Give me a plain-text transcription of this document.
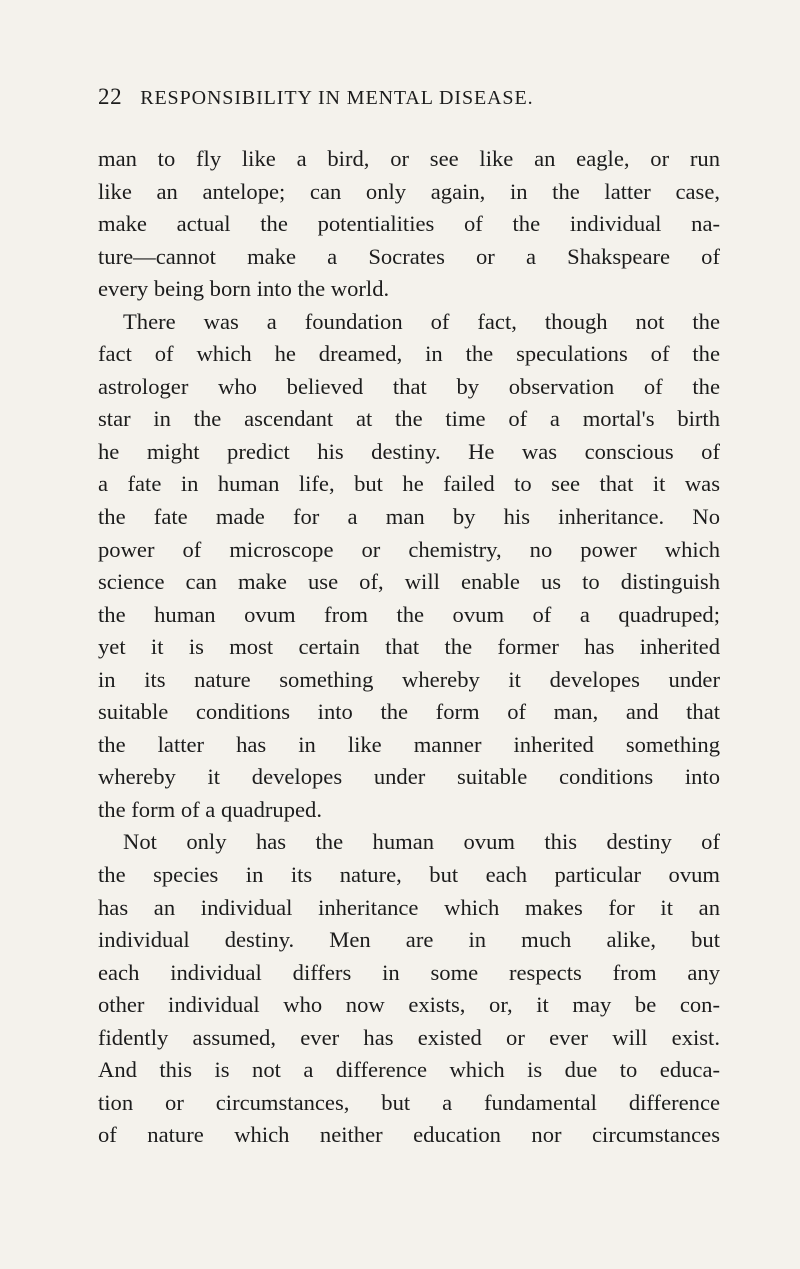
22 RESPONSIBILITY IN MENTAL DISEASE.
man to fly like a bird, or see like an eagle, or run
like an antelope; can only again, in the latter case,
make actual the potentialities of the individual na-
ture—cannot make a Socrates or a Shakspeare of
every being born into the world.
There was a foundation of fact, though not the
fact of which he dreamed, in the speculations of the
astrologer who believed that by observation of the
star in the ascendant at the time of a mortal's birth
he might predict his destiny. He was conscious of
a fate in human life, but he failed to see that it was
the fate made for a man by his inheritance. No
power of microscope or chemistry, no power which
science can make use of, will enable us to distinguish
the human ovum from the ovum of a quadruped;
yet it is most certain that the former has inherited
in its nature something whereby it developes under
suitable conditions into the form of man, and that
the latter has in like manner inherited something
whereby it developes under suitable conditions into
the form of a quadruped.
Not only has the human ovum this destiny of
the species in its nature, but each particular ovum
has an individual inheritance which makes for it an
individual destiny. Men are in much alike, but
each individual differs in some respects from any
other individual who now exists, or, it may be con-
fidently assumed, ever has existed or ever will exist.
And this is not a difference which is due to educa-
tion or circumstances, but a fundamental difference
of nature which neither education nor circumstances
